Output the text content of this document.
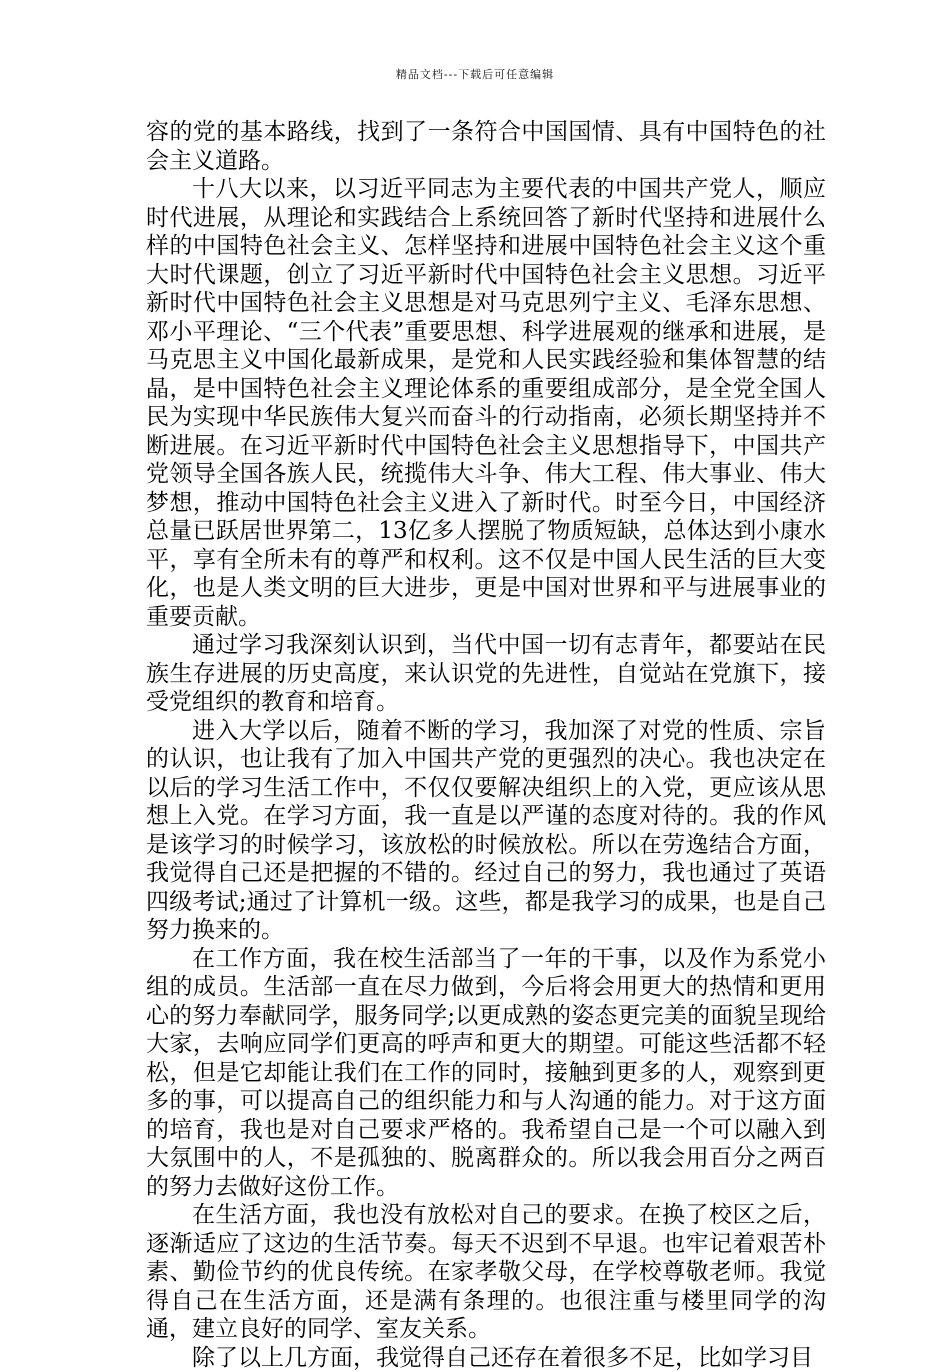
精品文档---下载后可任意编辑

容的党的基本路线，找到了一条符合中国国情、具有中国特色的社会主义道路。

十八大以来，以习近平同志为主要代表的中国共产党人，顺应时代进展，从理论和实践结合上系统回答了新时代坚持和进展什么样的中国特色社会主义、怎样坚持和进展中国特色社会主义这个重大时代课题，创立了习近平新时代中国特色社会主义思想。习近平新时代中国特色社会主义思想是对马克思列宁主义、毛泽东思想、邓小平理论、“三个代表”重要思想、科学进展观的继承和进展，是马克思主义中国化最新成果，是党和人民实践经验和集体智慧的结晶，是中国特色社会主义理论体系的重要组成部分，是全党全国人民为实现中华民族伟大复兴而奋斗的行动指南，必须长期坚持并不断进展。在习近平新时代中国特色社会主义思想指导下，中国共产党领导全国各族人民，统揽伟大斗争、伟大工程、伟大事业、伟大梦想，推动中国特色社会主义进入了新时代。时至今日，中国经济总量已跃居世界第二，13亿多人摆脱了物质短缺，总体达到小康水平，享有全所未有的尊严和权利。这不仅是中国人民生活的巨大变化，也是人类文明的巨大进步，更是中国对世界和平与进展事业的重要贡献。

通过学习我深刻认识到，当代中国一切有志青年，都要站在民族生存进展的历史高度，来认识党的先进性，自觉站在党旗下，接受党组织的教育和培育。

进入大学以后，随着不断的学习，我加深了对党的性质、宗旨的认识，也让我有了加入中国共产党的更强烈的决心。我也决定在以后的学习生活工作中，不仅仅要解决组织上的入党，更应该从思想上入党。在学习方面，我一直是以严谨的态度对待的。我的作风是该学习的时候学习，该放松的时候放松。所以在劳逸结合方面，我觉得自己还是把握的不错的。经过自己的努力，我也通过了英语四级考试;通过了计算机一级。这些，都是我学习的成果，也是自己努力换来的。

在工作方面，我在校生活部当了一年的干事，以及作为系党小组的成员。生活部一直在尽力做到，今后将会用更大的热情和更用心的努力奉献同学，服务同学;以更成熟的姿态更完美的面貌呈现给大家，去响应同学们更高的呼声和更大的期望。可能这些活都不轻松，但是它却能让我们在工作的同时，接触到更多的人，观察到更多的事，可以提高自己的组织能力和与人沟通的能力。对于这方面的培育，我也是对自己要求严格的。我希望自己是一个可以融入到大氛围中的人，不是孤独的、脱离群众的。所以我会用百分之两百的努力去做好这份工作。

在生活方面，我也没有放松对自己的要求。在换了校区之后，逐渐适应了这边的生活节奏。每天不迟到不早退。也牢记着艰苦朴素、勤俭节约的优良传统。在家孝敬父母，在学校尊敬老师。我觉得自己在生活方面，还是满有条理的。也很注重与楼里同学的沟通，建立良好的同学、室友关系。

除了以上几方面，我觉得自己还存在着很多不足，比如学习目
